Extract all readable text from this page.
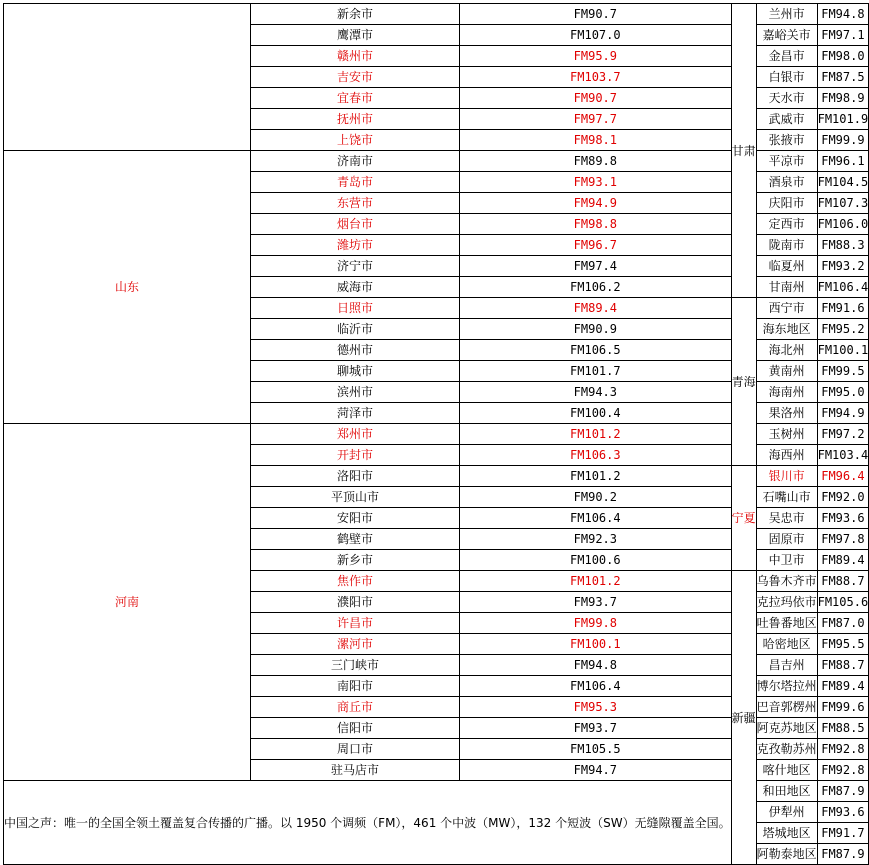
	新余市	FM90.7	甘肃	兰州市	FM94.8
	鹰潭市	FM107.0		嘉峪关市	FM97.1
	赣州市	FM95.9		金昌市	FM98.0
	吉安市	FM103.7		白银市	FM87.5
	宜春市	FM90.7		天水市	FM98.9
	抚州市	FM97.7		武威市	FM101.9
	上饶市	FM98.1		张掖市	FM99.9
山东	济南市	FM89.8		平凉市	FM96.1
	青岛市	FM93.1		酒泉市	FM104.5
	东营市	FM94.9		庆阳市	FM107.3
	烟台市	FM98.8		定西市	FM106.0
	潍坊市	FM96.7		陇南市	FM88.3
	济宁市	FM97.4		临夏州	FM93.2
	威海市	FM106.2		甘南州	FM106.4
	日照市	FM89.4	青海	西宁市	FM91.6
	临沂市	FM90.9		海东地区	FM95.2
	德州市	FM106.5		海北州	FM100.1
	聊城市	FM101.7		黄南州	FM99.5
	滨州市	FM94.3		海南州	FM95.0
	菏泽市	FM100.4		果洛州	FM94.9
河南	郑州市	FM101.2		玉树州	FM97.2
	开封市	FM106.3		海西州	FM103.4
	洛阳市	FM101.2	宁夏	银川市	FM96.4
	平顶山市	FM90.2		石嘴山市	FM92.0
	安阳市	FM106.4		吴忠市	FM93.6
	鹤壁市	FM92.3		固原市	FM97.8
	新乡市	FM100.6		中卫市	FM89.4
	焦作市	FM101.2	新疆	乌鲁木齐市	FM88.7
	濮阳市	FM93.7		克拉玛依市	FM105.6
	许昌市	FM99.8		吐鲁番地区	FM87.0
	漯河市	FM100.1		哈密地区	FM95.5
	三门峡市	FM94.8		昌吉州	FM88.7
	南阳市	FM106.4		博尔塔拉州	FM89.4
	商丘市	FM95.3		巴音郭楞州	FM99.6
	信阳市	FM93.7		阿克苏地区	FM88.5
	周口市	FM105.5		克孜勒苏州	FM92.8
	驻马店市	FM94.7		喀什地区	FM92.8
中国之声：唯一的全国全领土覆盖复合传播的广播。以 1950 个调频（FM），461 个中波（MW），132 个短波（SW）无缝隙覆盖全国。				和田地区	FM87.9
				伊犁州	FM93.6
				塔城地区	FM91.7
				阿勒泰地区	FM87.9
